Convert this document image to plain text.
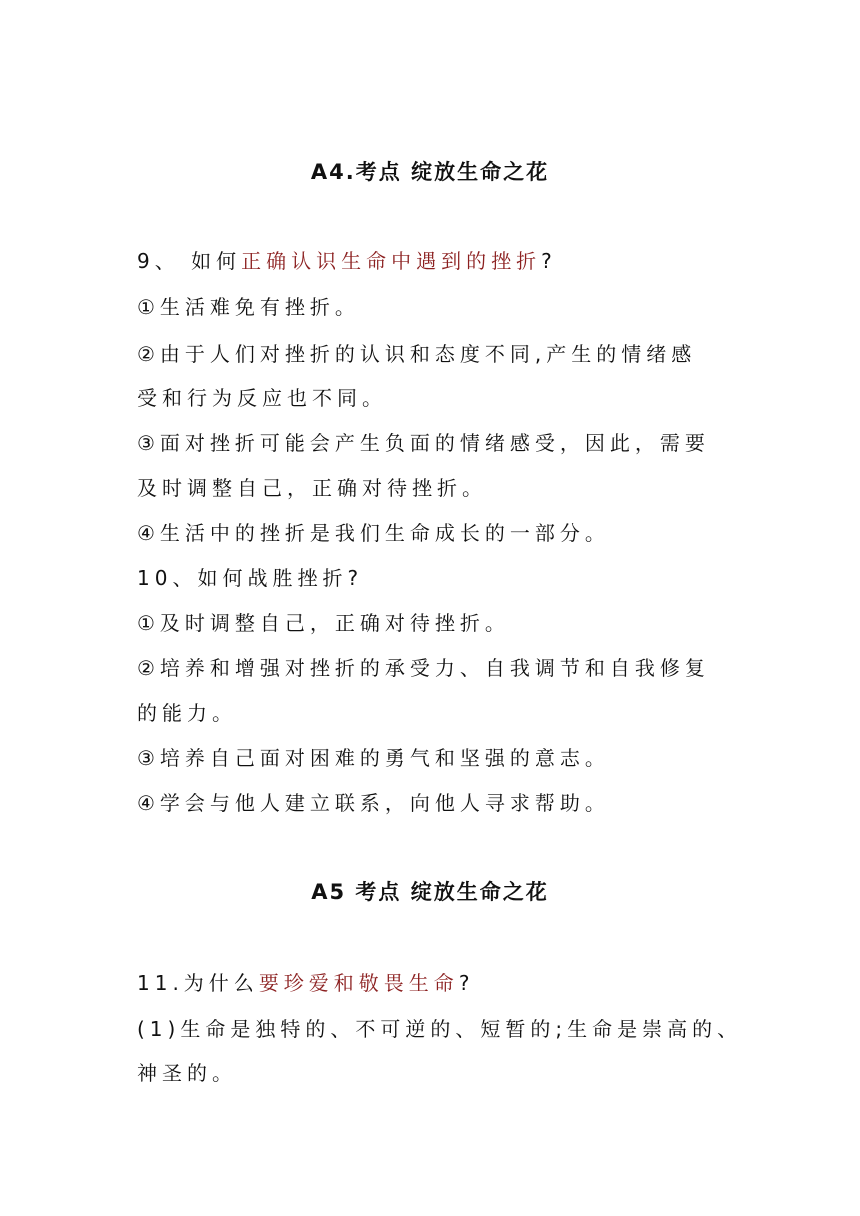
A4.考点 绽放生命之花
9、 如何正确认识生命中遇到的挫折?
①生活难免有挫折。
②由于人们对挫折的认识和态度不同,产生的情绪感
受和行为反应也不同。
③面对挫折可能会产生负面的情绪感受，因此，需要
及时调整自己，正确对待挫折。
④生活中的挫折是我们生命成长的一部分。
10、如何战胜挫折?
①及时调整自己，正确对待挫折。
②培养和增强对挫折的承受力、自我调节和自我修复
的能力。
③培养自己面对困难的勇气和坚强的意志。
④学会与他人建立联系，向他人寻求帮助。
A5 考点 绽放生命之花
11.为什么要珍爱和敬畏生命?
(1)生命是独特的、不可逆的、短暂的;生命是崇高的、
神圣的。
